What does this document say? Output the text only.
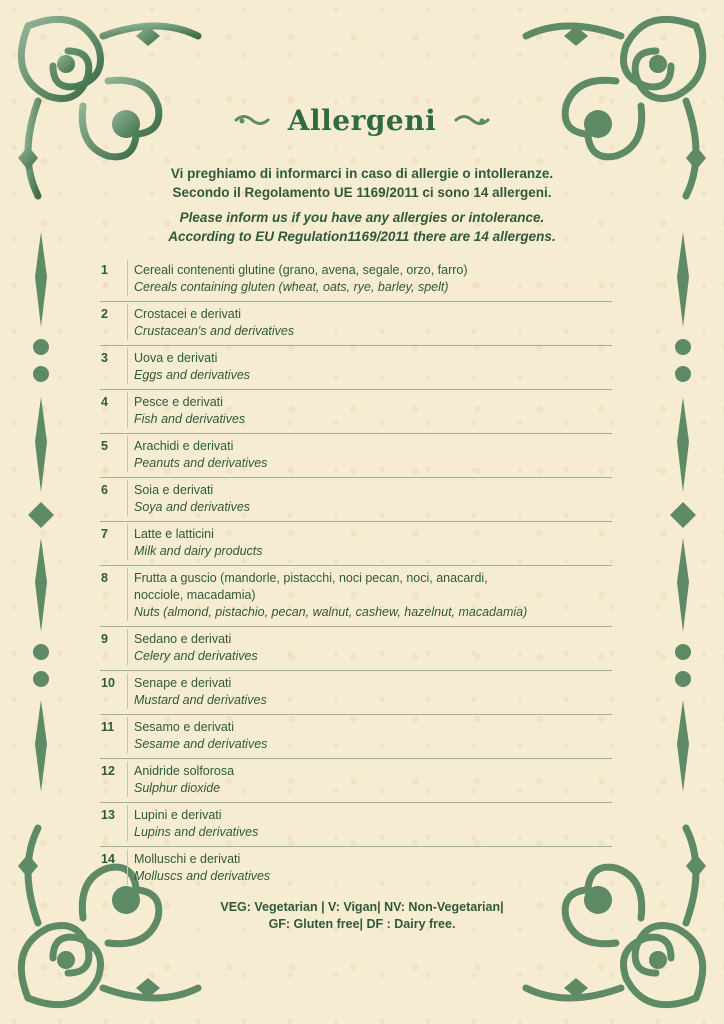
Allergeni
Vi preghiamo di informarci in caso di allergie o intolleranze.
Secondo il Regolamento UE 1169/2011 ci sono 14 allergeni.
Please inform us if you have any allergies or intolerance.
According to EU Regulation1169/2011 there are 14 allergens.
1	Cereali contenenti glutine (grano, avena, segale, orzo, farro)
Cereals containing gluten (wheat, oats, rye, barley, spelt)
2	Crostacei e derivati
Crustacean's and derivatives
3	Uova e derivati
Eggs and derivatives
4	Pesce e derivati
Fish and derivatives
5	Arachidi e derivati
Peanuts and derivatives
6	Soia e derivati
Soya and derivatives
7	Latte e latticini
Milk and dairy products
8	Frutta a guscio (mandorle, pistacchi, noci pecan, noci, anacardi,
nocciole, macadamia)
Nuts (almond, pistachio, pecan, walnut, cashew, hazelnut, macadamia)
9	Sedano e derivati
Celery and derivatives
10	Senape e derivati
Mustard and derivatives
11	Sesamo e derivati
Sesame and derivatives
12	Anidride solforosa
Sulphur dioxide
13	Lupini e derivati
Lupins and derivatives
14	Molluschi e derivati
Molluscs and derivatives
VEG: Vegetarian | V: Vigan| NV: Non-Vegetarian|
GF: Gluten free| DF : Dairy free.
